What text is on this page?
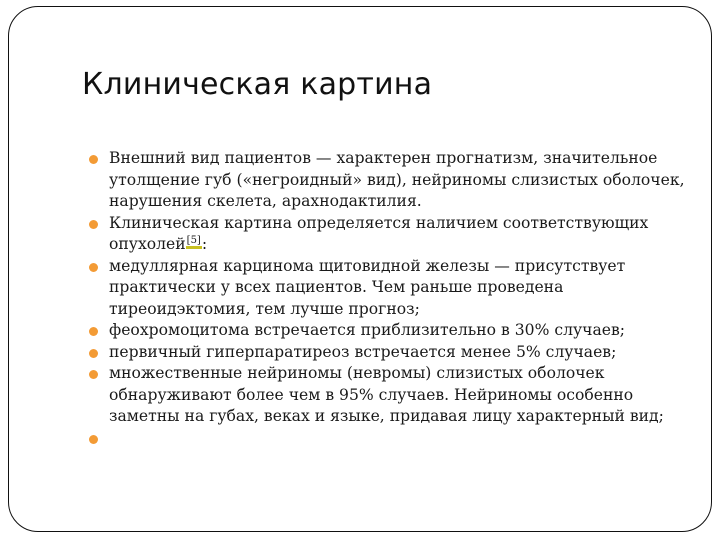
Клиническая картина
Внешний вид пациентов — характерен прогнатизм, значительное утолщение губ («негроидный» вид), нейриномы слизистых оболочек, нарушения скелета, арахнодактилия.
Клиническая картина определяется наличием соответствующих опухолей[5]:
медуллярная карцинома щитовидной железы — присутствует практически у всех пациентов. Чем раньше проведена тиреоидэктомия, тем лучше прогноз;
феохромоцитома встречается приблизительно в 30% случаев;
первичный гиперпаратиреоз встречается менее 5% случаев;
множественные нейриномы (невромы) слизистых оболочек обнаруживают более чем в 95% случаев. Нейриномы особенно заметны на губах, веках и языке, придавая лицу характерный вид;
